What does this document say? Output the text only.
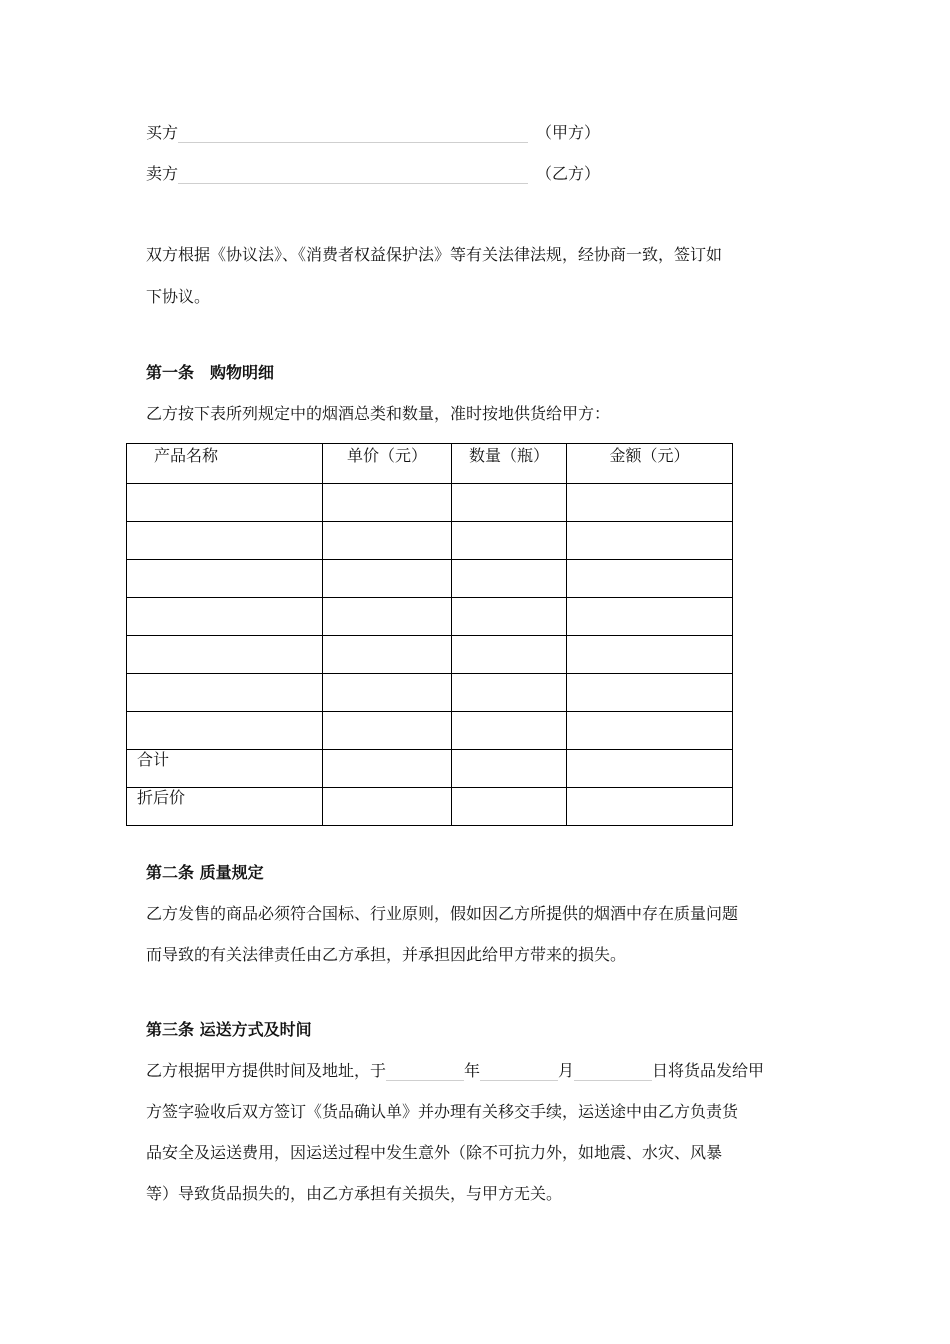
买方	（甲方）
卖方	（乙方）
双方根据《协议法》、《消费者权益保护法》等有关法律法规，经协商一致，签订如
下协议。
第一条　购物明细
乙方按下表所列规定中的烟酒总类和数量，准时按地供货给甲方：
产品名称	单价（元）	数量（瓶）	金额（元）

合计			
折后价			
第二条 质量规定
乙方发售的商品必须符合国标、行业原则，假如因乙方所提供的烟酒中存在质量问题
而导致的有关法律责任由乙方承担，并承担因此给甲方带来的损失。
第三条 运送方式及时间
乙方根据甲方提供时间及地址，于	年	月	日将货品发给甲
方签字验收后双方签订《货品确认单》并办理有关移交手续，运送途中由乙方负责货
品安全及运送费用，因运送过程中发生意外（除不可抗力外，如地震、水灾、风暴
等）导致货品损失的，由乙方承担有关损失，与甲方无关。
